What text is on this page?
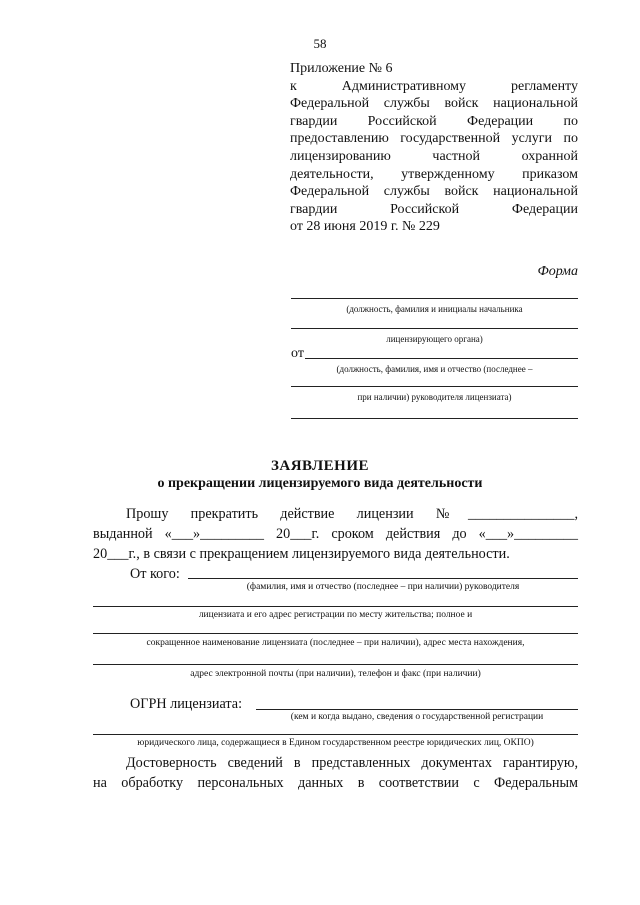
58
Приложение № 6
к Административному регламенту
Федеральной службы войск национальной
гвардии Российской Федерации по
предоставлению государственной услуги по
лицензированию частной охранной
деятельности, утвержденному приказом
Федеральной службы войск национальной
гвардии Российской Федерации
от 28 июня 2019 г. № 229
Форма
(должность, фамилия и инициалы начальника
лицензирующего органа)
от
(должность, фамилия, имя и отчество (последнее –
при наличии) руководителя лицензиата)
ЗАЯВЛЕНИЕ
о прекращении лицензируемого вида деятельности
Прошу прекратить действие лицензии №_______________,
выданной «___»_________ 20___г. сроком действия до «___»_________
20___г., в связи с прекращением лицензируемого вида деятельности.
От кого:
(фамилия, имя и отчество (последнее – при наличии) руководителя
лицензиата и его адрес регистрации по месту жительства; полное и
сокращенное наименование лицензиата (последнее – при наличии), адрес места нахождения,
адрес электронной почты (при наличии), телефон и факс (при наличии)
ОГРН лицензиата:
(кем и когда выдано, сведения о государственной регистрации
юридического лица, содержащиеся в Едином государственном реестре юридических лиц, ОКПО)
Достоверность сведений в представленных документах гарантирую,
на обработку персональных данных в соответствии с Федеральным
